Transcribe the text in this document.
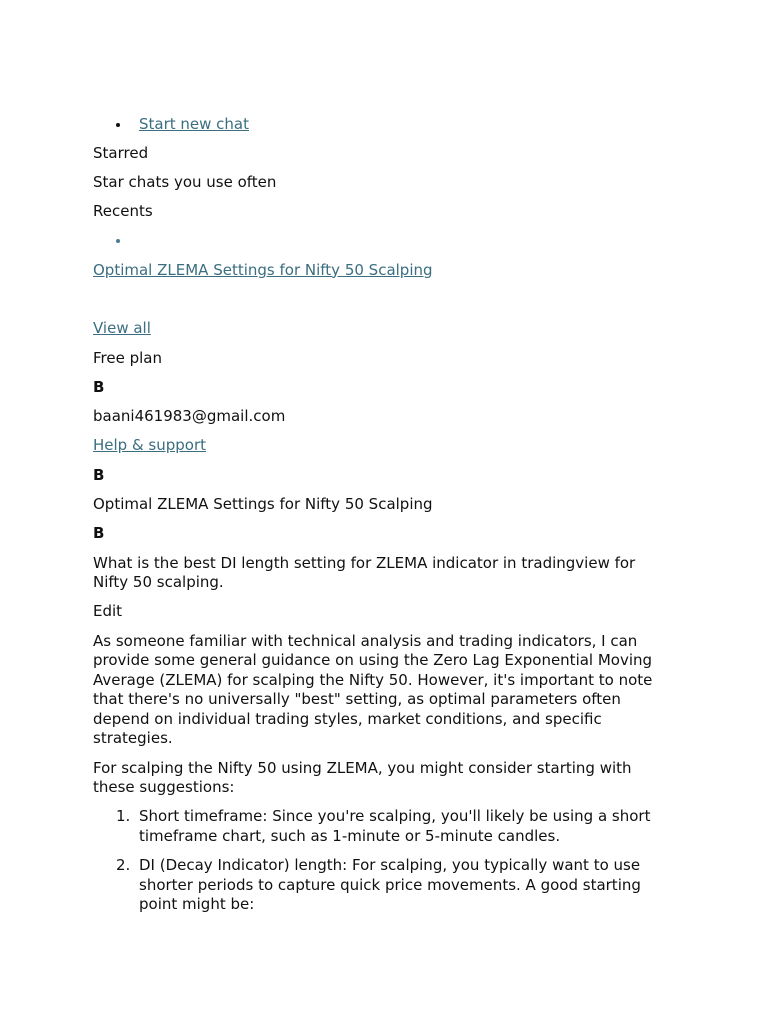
Start new chat

Starred

Star chats you use often

Recents

Optimal ZLEMA Settings for Nifty 50 Scalping

View all

Free plan

B

baani461983@gmail.com

Help & support

B

Optimal ZLEMA Settings for Nifty 50 Scalping

B

What is the best DI length setting for ZLEMA indicator in tradingview for Nifty 50 scalping.

Edit

As someone familiar with technical analysis and trading indicators, I can provide some general guidance on using the Zero Lag Exponential Moving Average (ZLEMA) for scalping the Nifty 50. However, it's important to note that there's no universally "best" setting, as optimal parameters often depend on individual trading styles, market conditions, and specific strategies.

For scalping the Nifty 50 using ZLEMA, you might consider starting with these suggestions:

1. Short timeframe: Since you're scalping, you'll likely be using a short timeframe chart, such as 1-minute or 5-minute candles.
2. DI (Decay Indicator) length: For scalping, you typically want to use shorter periods to capture quick price movements. A good starting point might be:
